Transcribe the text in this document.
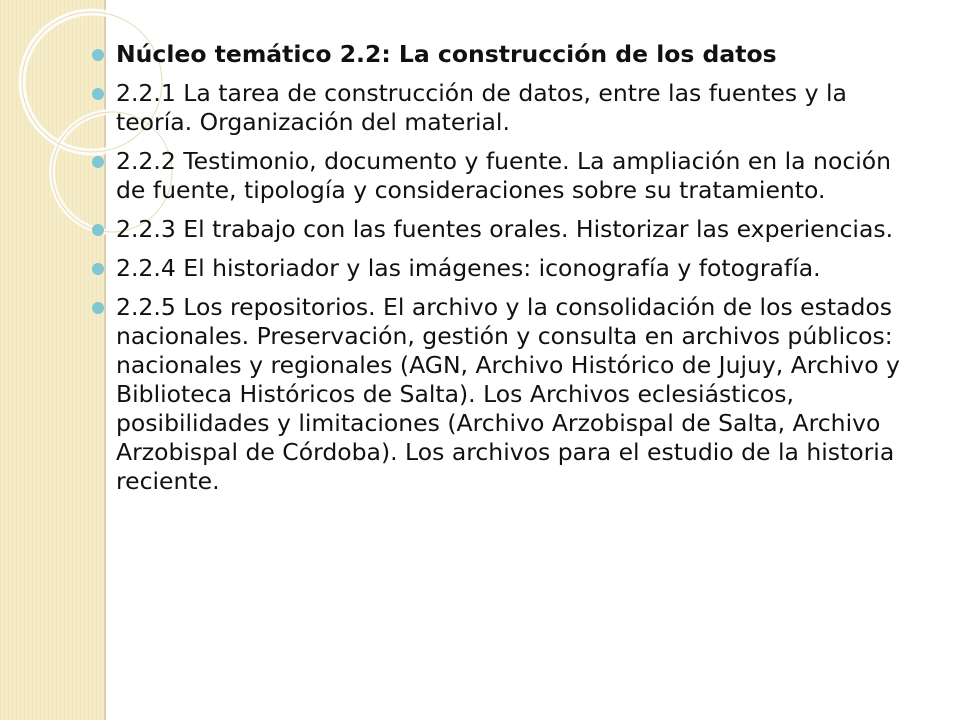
Núcleo temático 2.2: La construcción de los datos
2.2.1 La tarea de construcción de datos, entre las fuentes y la teoría. Organización del material.
2.2.2 Testimonio, documento y fuente. La ampliación en la noción de fuente, tipología y consideraciones sobre su tratamiento.
2.2.3 El trabajo con las fuentes orales. Historizar las experiencias.
2.2.4 El historiador y las imágenes: iconografía y fotografía.
2.2.5 Los repositorios. El archivo y la consolidación de los estados nacionales. Preservación, gestión y consulta en archivos públicos: nacionales y regionales (AGN, Archivo Histórico de Jujuy, Archivo y Biblioteca Históricos de Salta). Los Archivos eclesiásticos, posibilidades y limitaciones (Archivo Arzobispal de Salta, Archivo Arzobispal de Córdoba). Los archivos para el estudio de la historia reciente.
